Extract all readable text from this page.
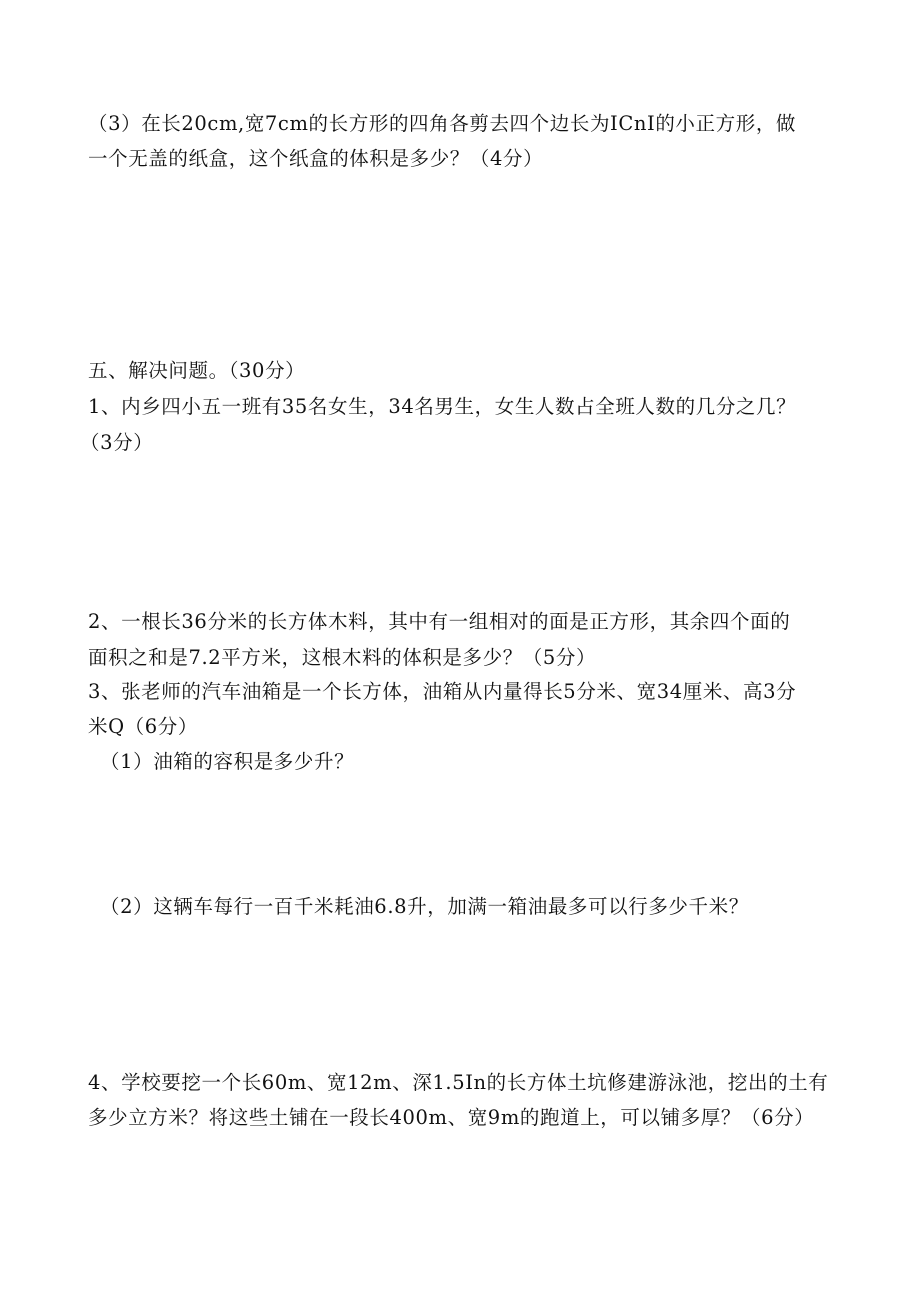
（3）在长20cm,宽7cm的长方形的四角各剪去四个边长为ICnI的小正方形，做
一个无盖的纸盒，这个纸盒的体积是多少？（4分）
五、解决问题。（30分）
1、内乡四小五一班有35名女生，34名男生，女生人数占全班人数的几分之几？
（3分）
2、一根长36分米的长方体木料，其中有一组相对的面是正方形，其余四个面的
面积之和是7.2平方米，这根木料的体积是多少？（5分）
3、张老师的汽车油箱是一个长方体，油箱从内量得长5分米、宽34厘米、高3分
米Q（6分）
（1）油箱的容积是多少升？
（2）这辆车每行一百千米耗油6.8升，加满一箱油最多可以行多少千米？
4、学校要挖一个长60m、宽12m、深1.5In的长方体土坑修建游泳池，挖出的土有
多少立方米？将这些土铺在一段长400m、宽9m的跑道上，可以铺多厚？（6分）
